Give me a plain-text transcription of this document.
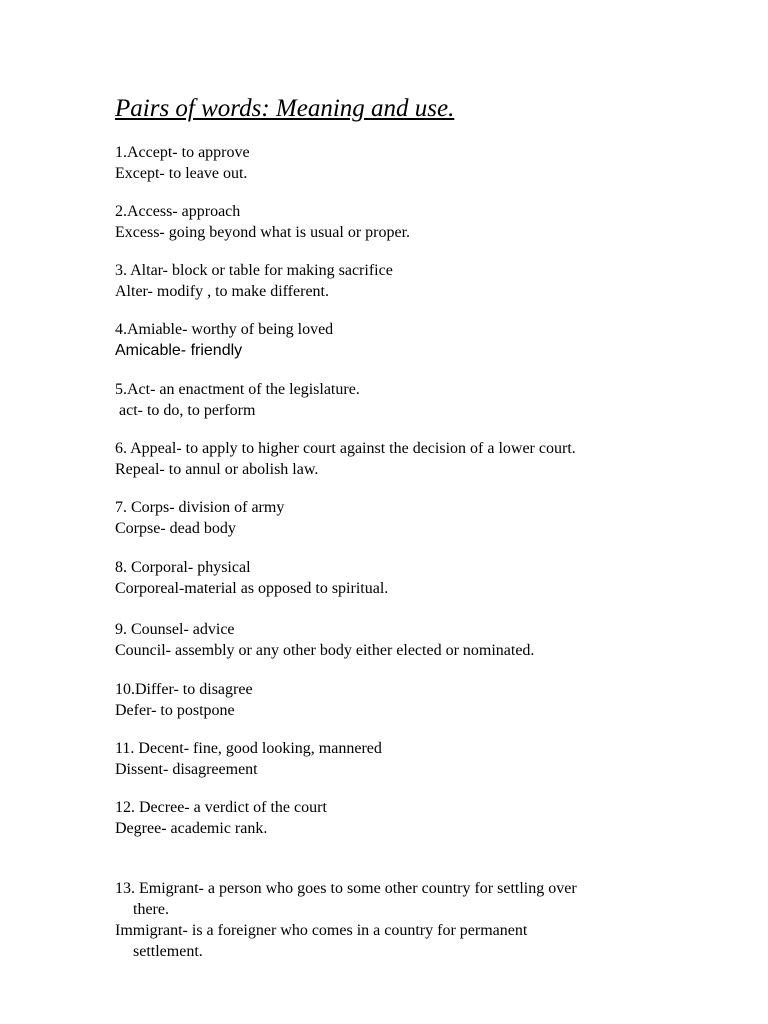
Pairs of words: Meaning and use.
1.Accept- to approve
Except- to leave out.
2.Access- approach
Excess- going beyond what is usual or proper.
3. Altar- block or table for making sacrifice
Alter- modify , to make different.
4.Amiable- worthy of being loved
Amicable- friendly
5.Act- an enactment of the legislature.
act- to do, to perform
6. Appeal- to apply to higher court against the decision of a lower court.
Repeal- to annul or abolish law.
7. Corps- division of army
Corpse- dead body
8. Corporal- physical
Corporeal-material as opposed to spiritual.
9. Counsel- advice
Council- assembly or any other body either elected or nominated.
10.Differ- to disagree
Defer- to postpone
11. Decent- fine, good looking, mannered
Dissent- disagreement
12. Decree- a verdict of the court
Degree- academic rank.
13. Emigrant- a person who goes to some other country for settling over
there.
Immigrant- is a foreigner who comes in a country for permanent
settlement.
